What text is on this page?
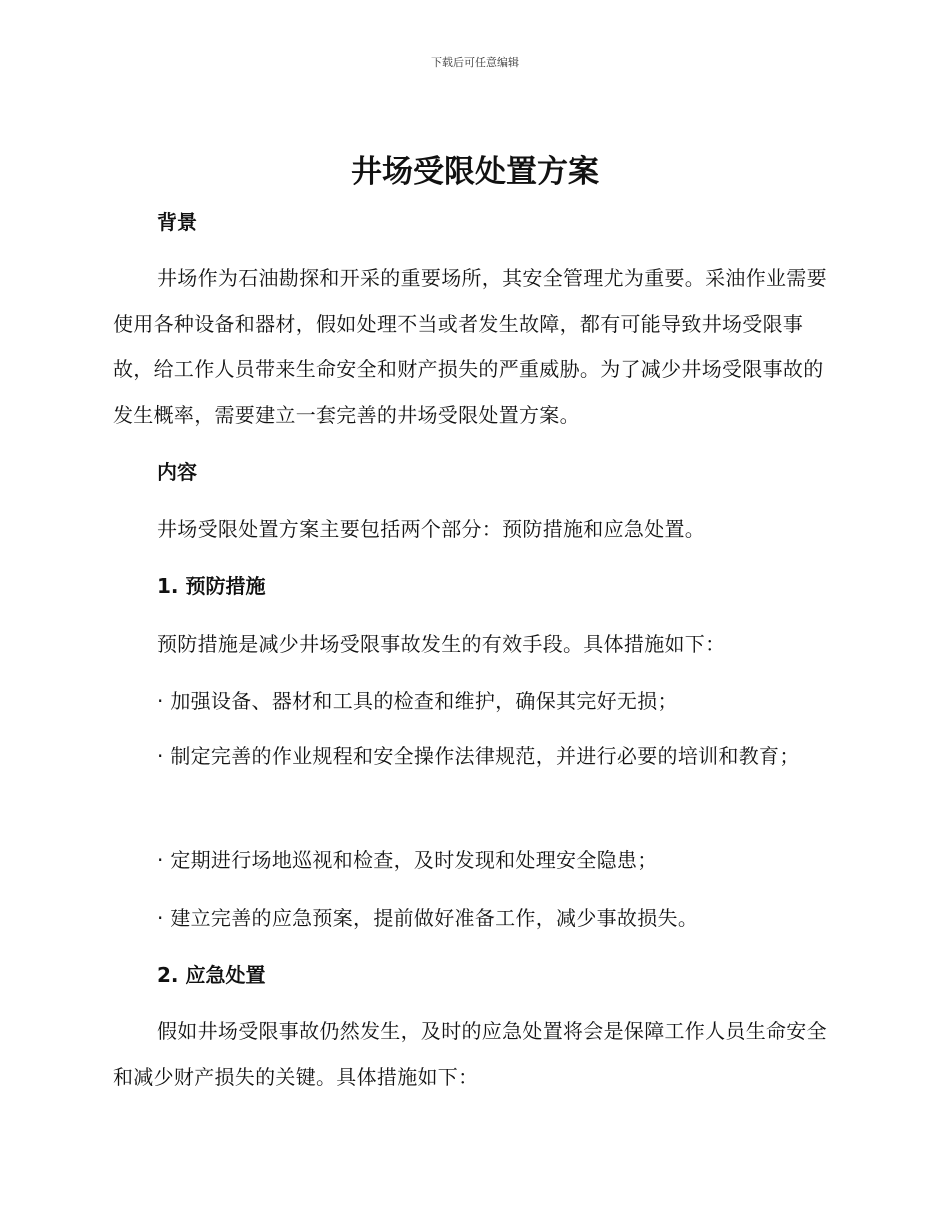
下载后可任意编辑
井场受限处置方案
背景

井场作为石油勘探和开采的重要场所，其安全管理尤为重要。采油作业需要使用各种设备和器材，假如处理不当或者发生故障，都有可能导致井场受限事故，给工作人员带来生命安全和财产损失的严重威胁。为了减少井场受限事故的发生概率，需要建立一套完善的井场受限处置方案。

内容
井场受限处置方案主要包括两个部分：预防措施和应急处置。
1. 预防措施
预防措施是减少井场受限事故发生的有效手段。具体措施如下：
· 加强设备、器材和工具的检查和维护，确保其完好无损；

· 制定完善的作业规程和安全操作法律规范，并进行必要的培训和教育；

· 定期进行场地巡视和检查，及时发现和处理安全隐患；
· 建立完善的应急预案，提前做好准备工作，减少事故损失。
2. 应急处置

假如井场受限事故仍然发生，及时的应急处置将会是保障工作人员生命安全和减少财产损失的关键。具体措施如下：
